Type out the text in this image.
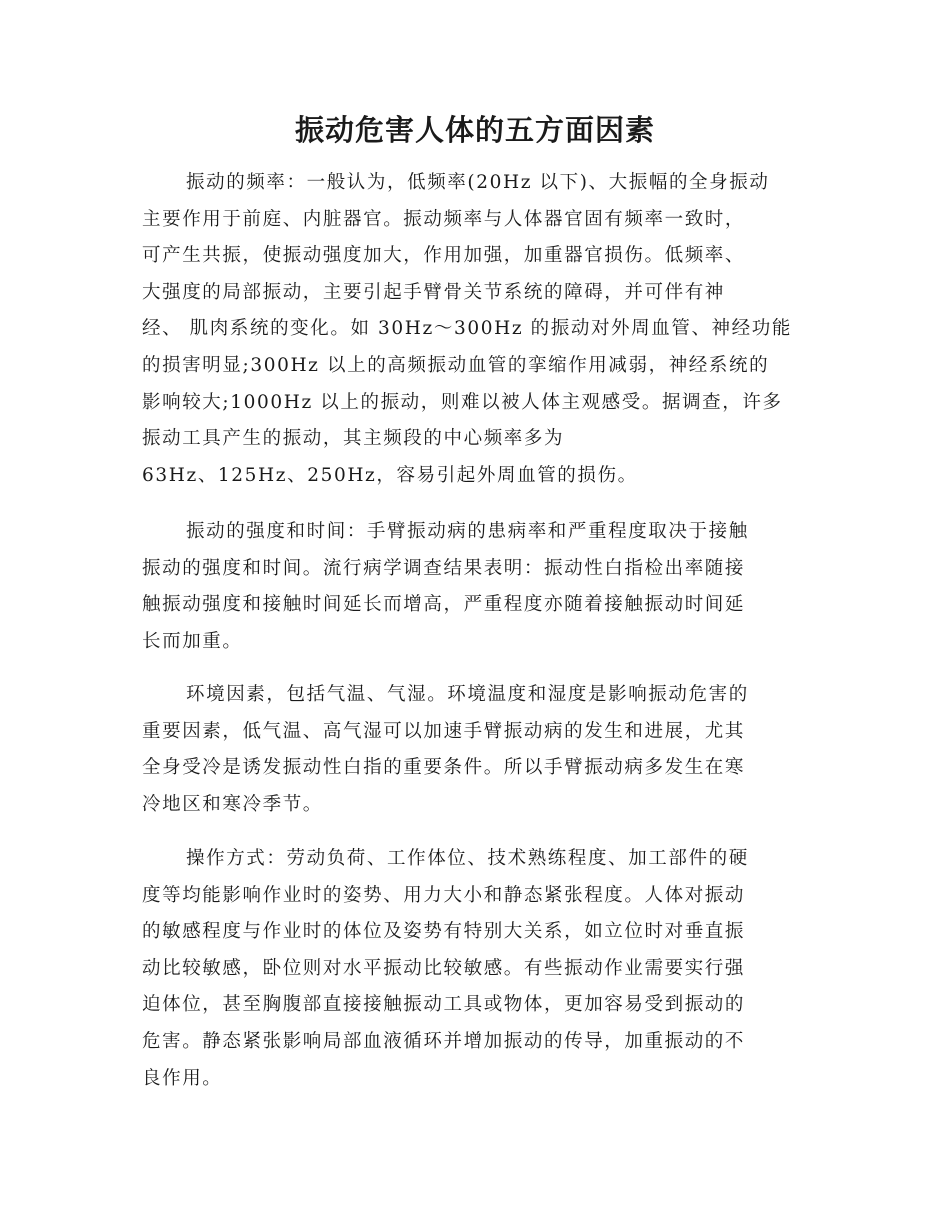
振动危害人体的五方面因素
振动的频率：一般认为，低频率(20Hz 以下)、大振幅的全身振动
主要作用于前庭、内脏器官。振动频率与人体器官固有频率一致时，
可产生共振，使振动强度加大，作用加强，加重器官损伤。低频率、
大强度的局部振动，主要引起手臂骨关节系统的障碍，并可伴有神
经、 肌肉系统的变化。如 30Hz～300Hz 的振动对外周血管、神经功能
的损害明显;300Hz 以上的高频振动血管的挛缩作用减弱，神经系统的
影响较大;1000Hz 以上的振动，则难以被人体主观感受。据调查，许多
振动工具产生的振动，其主频段的中心频率多为
63Hz、125Hz、250Hz，容易引起外周血管的损伤。
振动的强度和时间：手臂振动病的患病率和严重程度取决于接触
振动的强度和时间。流行病学调查结果表明：振动性白指检出率随接
触振动强度和接触时间延长而增高，严重程度亦随着接触振动时间延
长而加重。
环境因素，包括气温、气湿。环境温度和湿度是影响振动危害的
重要因素，低气温、高气湿可以加速手臂振动病的发生和进展，尤其
全身受冷是诱发振动性白指的重要条件。所以手臂振动病多发生在寒
冷地区和寒冷季节。
操作方式：劳动负荷、工作体位、技术熟练程度、加工部件的硬
度等均能影响作业时的姿势、用力大小和静态紧张程度。人体对振动
的敏感程度与作业时的体位及姿势有特别大关系，如立位时对垂直振
动比较敏感，卧位则对水平振动比较敏感。有些振动作业需要实行强
迫体位，甚至胸腹部直接接触振动工具或物体，更加容易受到振动的
危害。静态紧张影响局部血液循环并增加振动的传导，加重振动的不
良作用。
